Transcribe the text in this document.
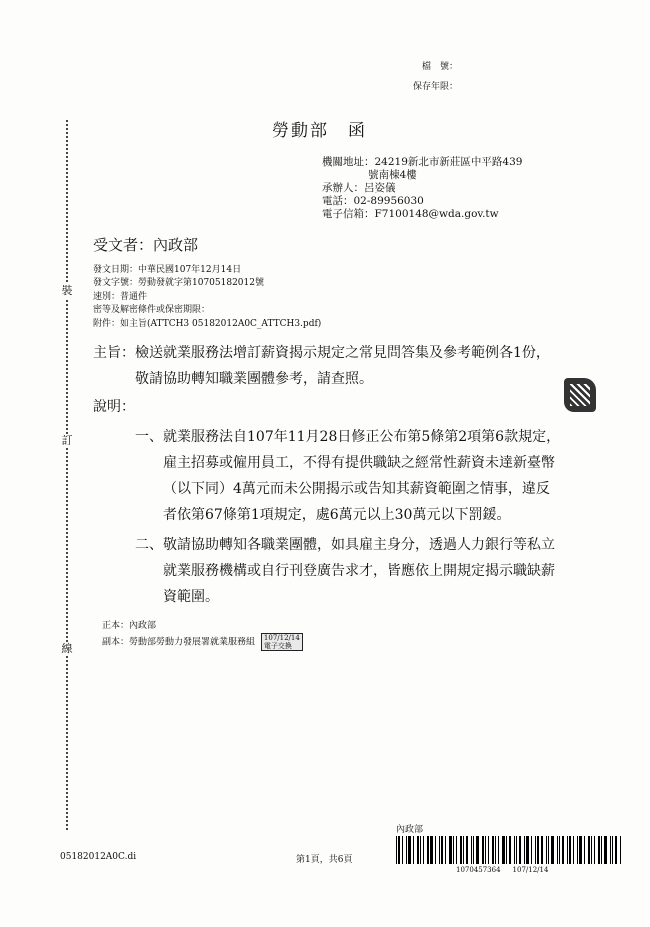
裝
訂
線
檔　號：
保存年限：
勞動部　函
機關地址：24219新北市新莊區中平路439
號南棟4樓
承辦人：呂姿儀
電話：02-89956030
電子信箱：F7100148@wda.gov.tw
受文者：內政部
發文日期：中華民國107年12月14日
發文字號：勞動發就字第10705182012號
速別：普通件
密等及解密條件或保密期限：
附件：如主旨(ATTCH3 05182012A0C_ATTCH3.pdf)
主旨： 檢送就業服務法增訂薪資揭示規定之常見問答集及參考範例各1份，敬請協助轉知職業團體參考，請查照。
說明：
一、 就業服務法自107年11月28日修正公布第5條第2項第6款規定，雇主招募或僱用員工，不得有提供職缺之經常性薪資未達新臺幣（以下同）4萬元而未公開揭示或告知其薪資範圍之情事，違反者依第67條第1項規定，處6萬元以上30萬元以下罰鍰。
二、 敬請協助轉知各職業團體，如具雇主身分，透過人力銀行等私立就業服務機構或自行刊登廣告求才，皆應依上開規定揭示職缺薪資範圍。
正本：內政部
副本：勞動部勞動力發展署就業服務組 107/12/14
電子交換
05182012A0C.di	第1頁，共6頁
內政部
1070457364 107/12/14
